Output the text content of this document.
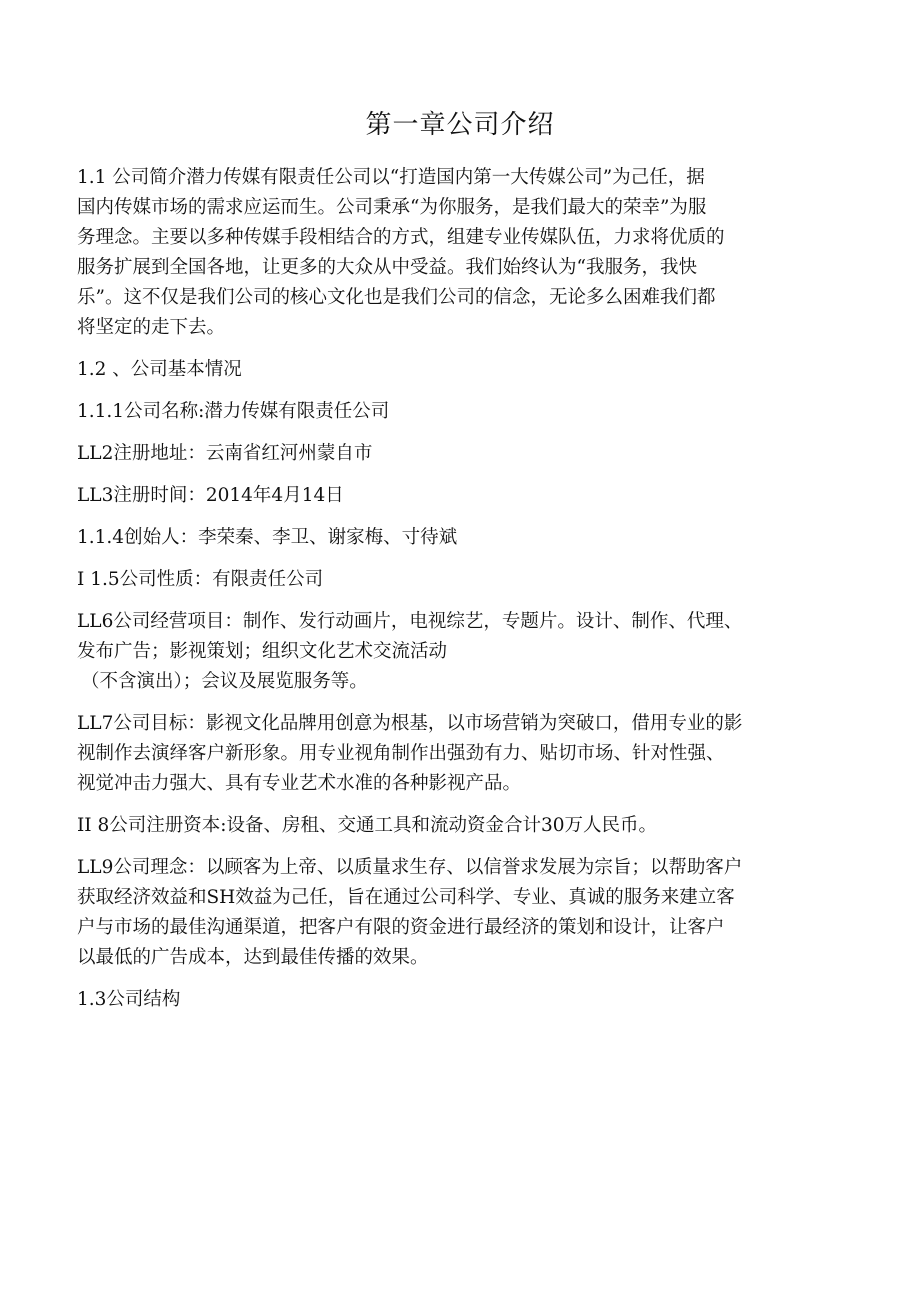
第一章公司介绍

1.1 公司简介潜力传媒有限责任公司以“打造国内第一大传媒公司”为己任，据
国内传媒市场的需求应运而生。公司秉承“为你服务，是我们最大的荣幸”为服
务理念。主要以多种传媒手段相结合的方式，组建专业传媒队伍，力求将优质的
服务扩展到全国各地，让更多的大众从中受益。我们始终认为“我服务，我快
乐”。这不仅是我们公司的核心文化也是我们公司的信念，无论多么困难我们都
将坚定的走下去。

1.2 、公司基本情况

1.1.1公司名称:潜力传媒有限责任公司

LL2注册地址：云南省红河州蒙自市

LL3注册时间：2014年4月14日

1.1.4创始人：李荣秦、李卫、谢家梅、寸待斌

I 1.5公司性质：有限责任公司

LL6公司经营项目：制作、发行动画片，电视综艺，专题片。设计、制作、代理、
发布广告；影视策划；组织文化艺术交流活动
（不含演出）；会议及展览服务等。

LL7公司目标：影视文化品牌用创意为根基，以市场营销为突破口，借用专业的影
视制作去演绎客户新形象。用专业视角制作出强劲有力、贴切市场、针对性强、
视觉冲击力强大、具有专业艺术水准的各种影视产品。

II 8公司注册资本:设备、房租、交通工具和流动资金合计30万人民币。

LL9公司理念：以顾客为上帝、以质量求生存、以信誉求发展为宗旨；以帮助客户
获取经济效益和SH效益为己任，旨在通过公司科学、专业、真诚的服务来建立客
户与市场的最佳沟通渠道，把客户有限的资金进行最经济的策划和设计，让客户
以最低的广告成本，达到最佳传播的效果。

1.3公司结构
